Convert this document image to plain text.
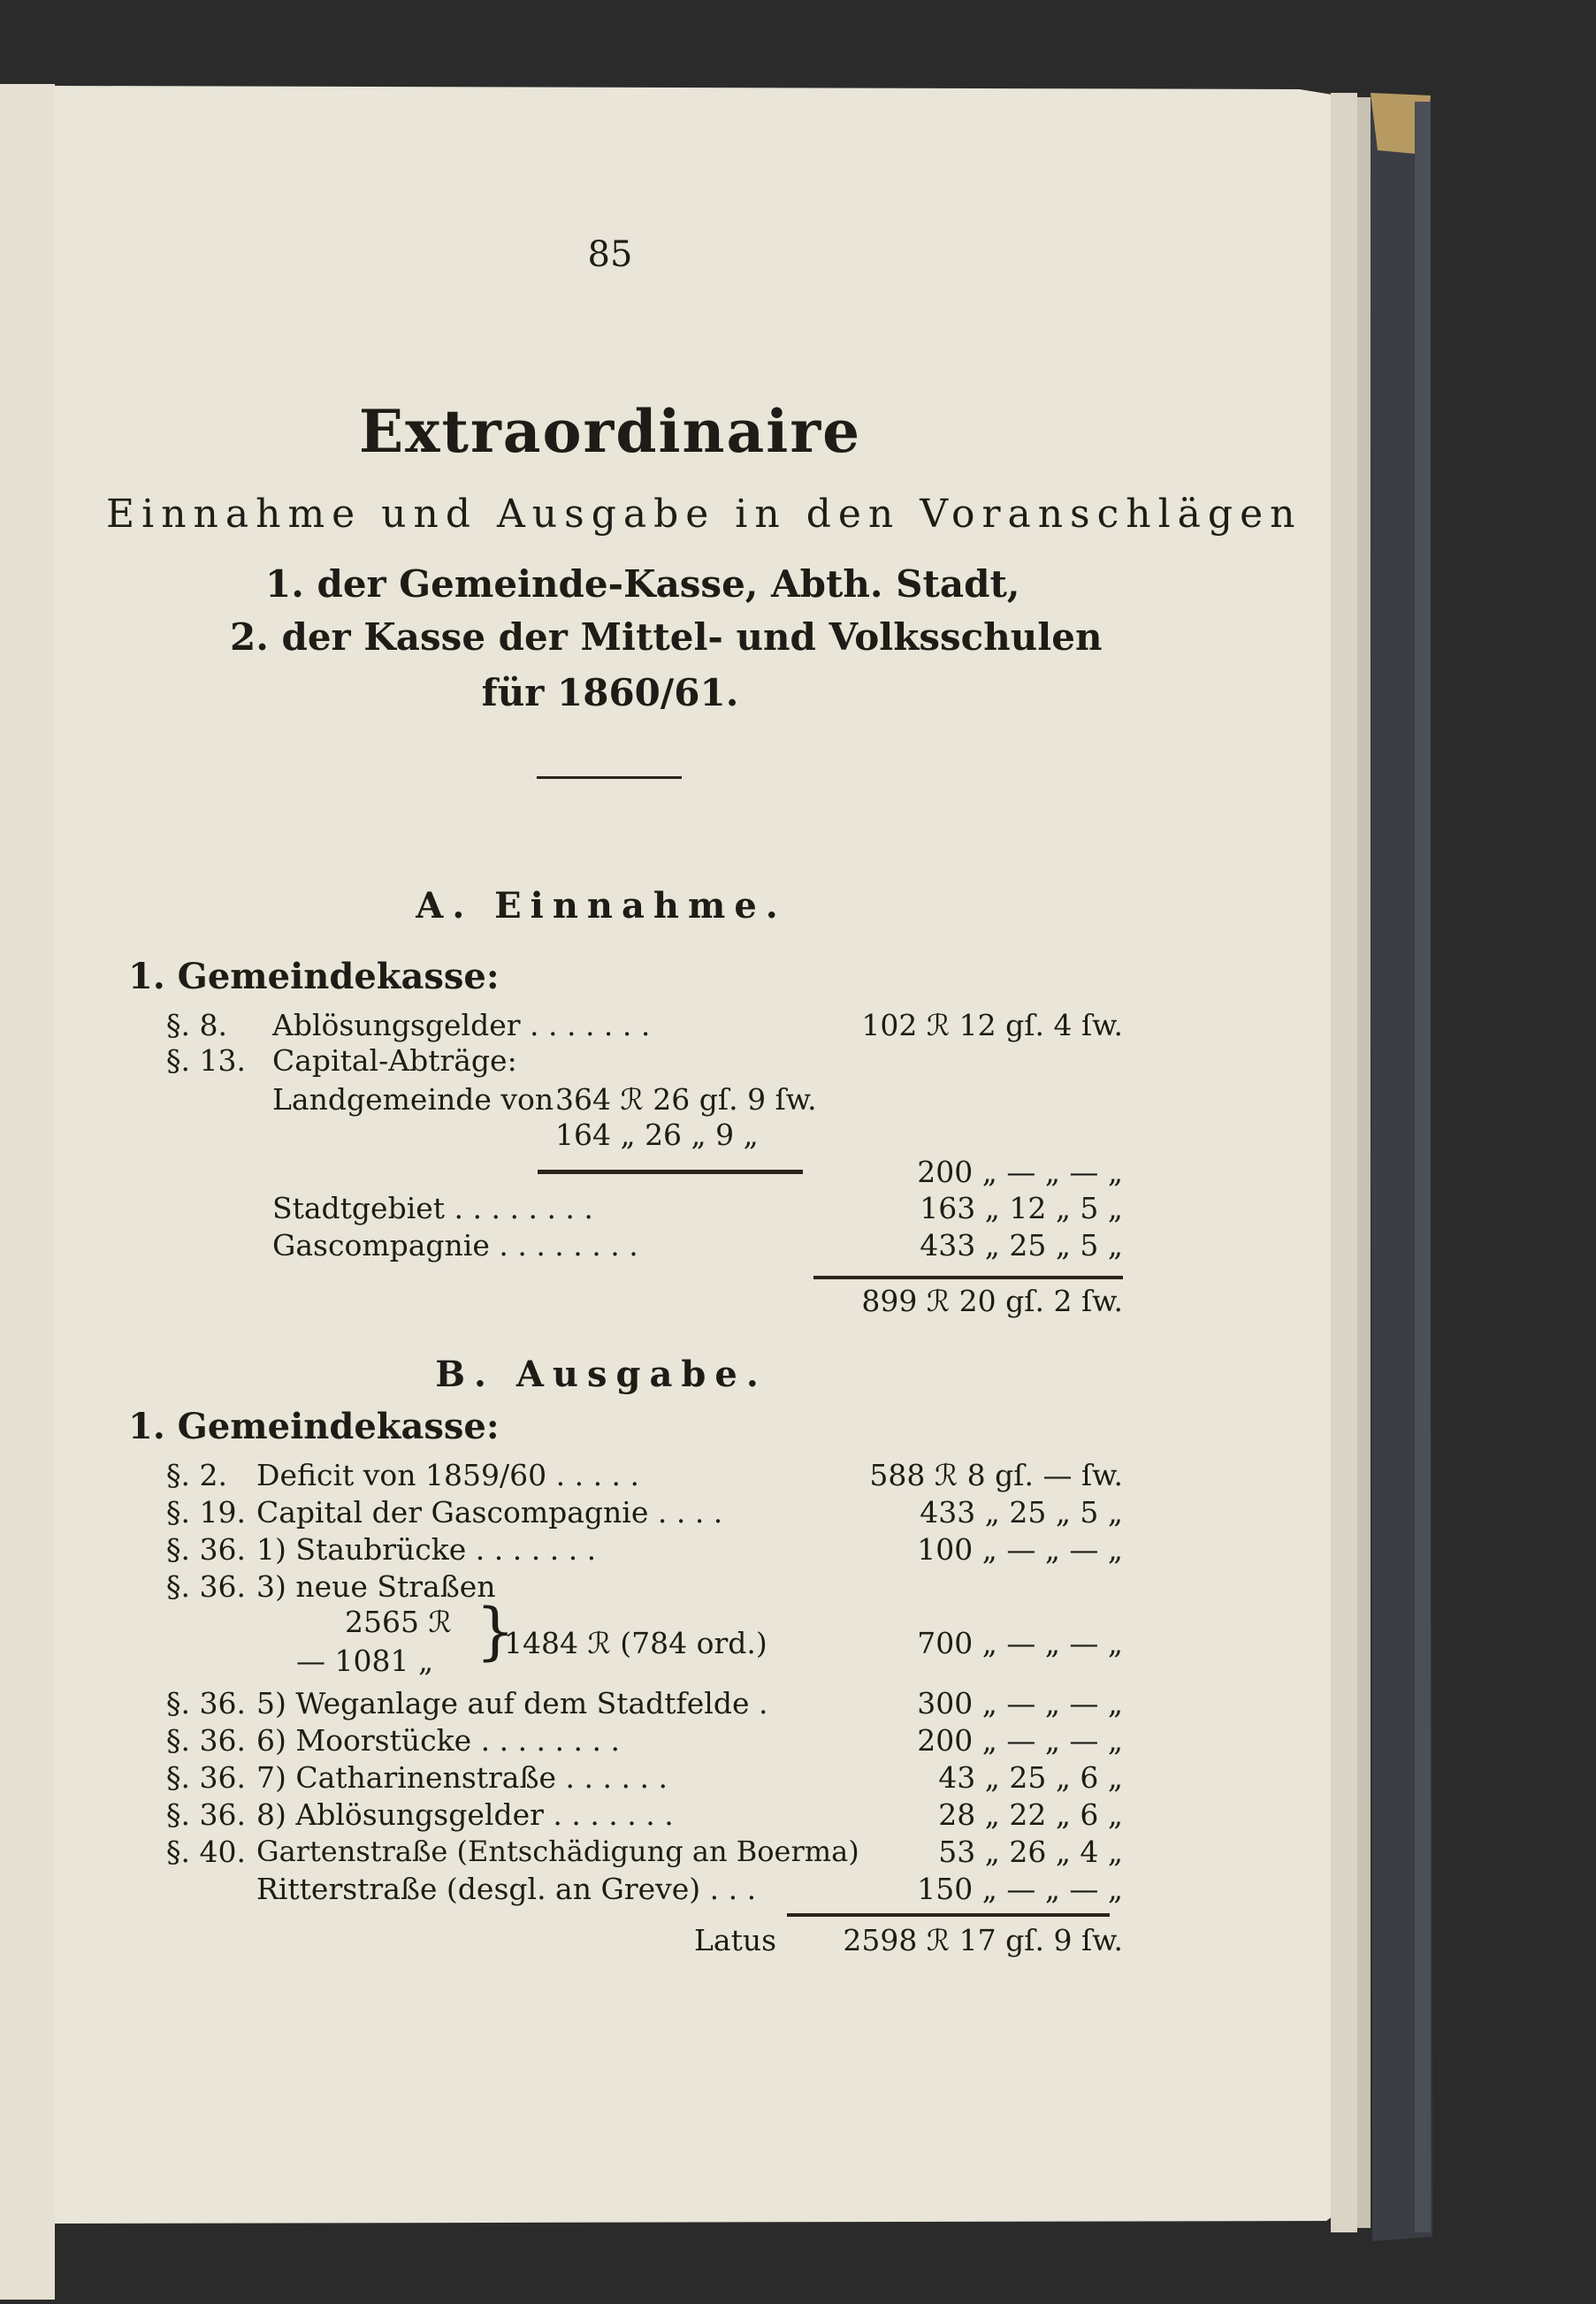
85
Extraordinaire
Einnahme und Ausgabe in den Voranschlägen
1. der Gemeinde-Kasse, Abth. Stadt,
2. der Kasse der Mittel- und Volksschulen
für 1860/61.
A. Einnahme.
1. Gemeindekasse:
§. 8. Ablösungsgelder . . . . . . .	102 ℛ 12 gſ. 4 ſw.
§. 13. Capital-Abträge:
Landgemeinde von 364 ℛ 26 gſ. 9 ſw.
164 „ 26 „ 9 „
200 „ — „ — „
Stadtgebiet . . . . . . . .	163 „ 12 „ 5 „
Gascompagnie . . . . . . . .	433 „ 25 „ 5 „
899 ℛ 20 gſ. 2 ſw.
B. Ausgabe.
1. Gemeindekasse:
§. 2. Deficit von 1859/60 . . . . .	588 ℛ 8 gſ. — ſw.
§. 19. Capital der Gascompagnie . . . .	433 „ 25 „ 5 „
§. 36. 1) Staubrücke . . . . . . .	100 „ — „ — „
§. 36. 3) neue Straßen
2565 ℛ
— 1081 „ }
1484 ℛ (784 ord.)	700 „ — „ — „
§. 36. 5) Weganlage auf dem Stadtfelde .	300 „ — „ — „
§. 36. 6) Moorstücke . . . . . . . .	200 „ — „ — „
§. 36. 7) Catharinenstraße . . . . . .	43 „ 25 „ 6 „
§. 36. 8) Ablösungsgelder . . . . . . .	28 „ 22 „ 6 „
§. 40. Gartenstraße (Entschädigung an Boerma)	53 „ 26 „ 4 „
Ritterstraße (desgl. an Greve) . . .	150 „ — „ — „
Latus	2598 ℛ 17 gſ. 9 ſw.
